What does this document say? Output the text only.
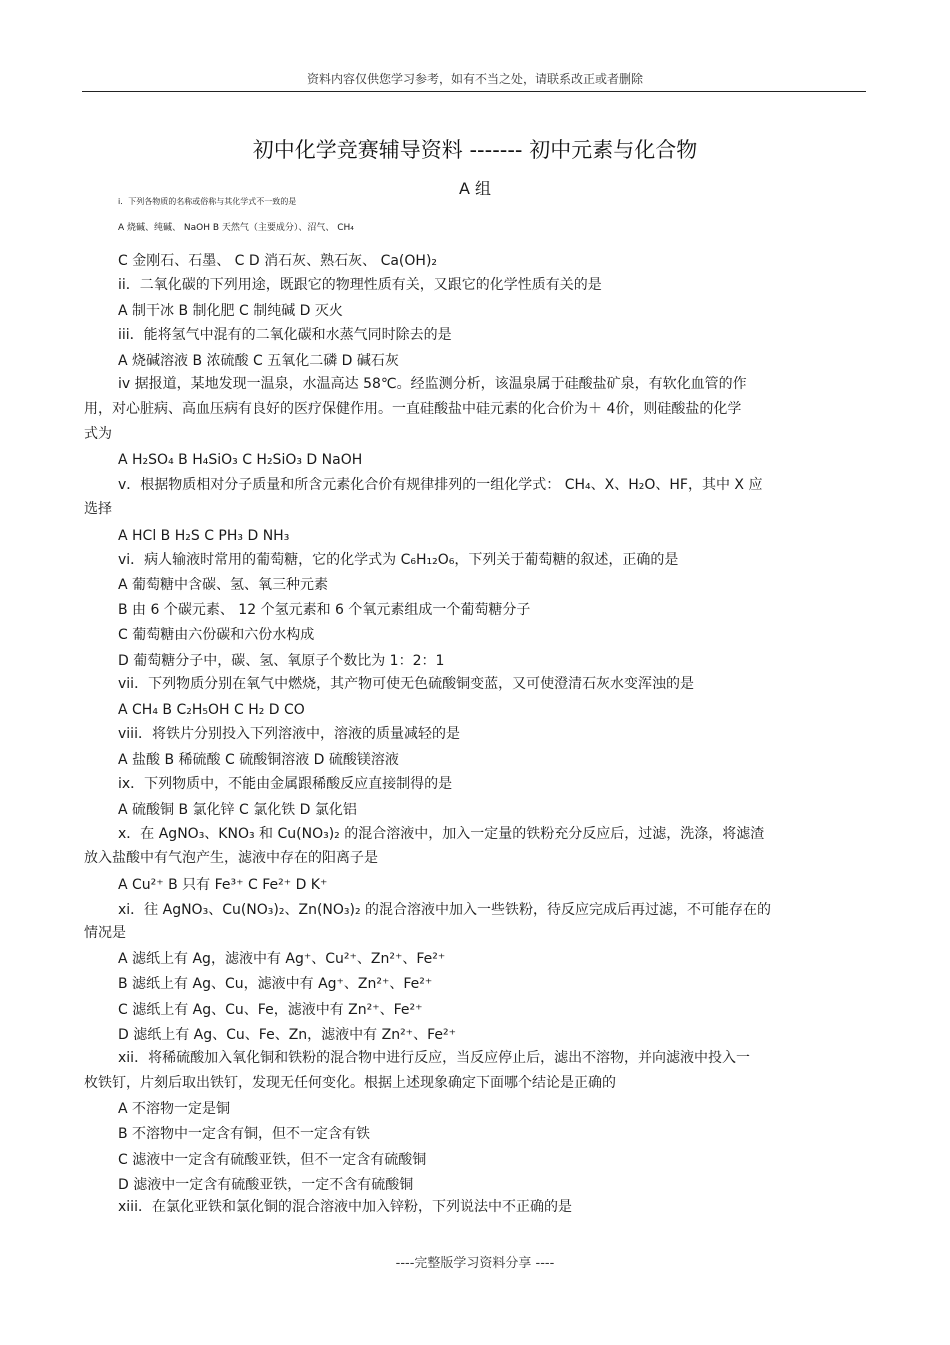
资料内容仅供您学习参考，如有不当之处，请联系改正或者删除
初中化学竞赛辅导资料 ------- 初中元素与化合物
A 组
i．下列各物质的名称或俗称与其化学式不一致的是
A 烧碱、纯碱、 NaOH B 天然气（主要成分）、沼气、 CH₄
C 金刚石、石墨、 C D 消石灰、熟石灰、 Ca(OH)₂
ii．二氧化碳的下列用途，既跟它的物理性质有关，又跟它的化学性质有关的是
A 制干冰 B 制化肥 C 制纯碱 D 灭火
iii．能将氢气中混有的二氧化碳和水蒸气同时除去的是
A 烧碱溶液 B 浓硫酸 C 五氧化二磷 D 碱石灰
iv 据报道，某地发现一温泉，水温高达 58℃。经监测分析，该温泉属于硅酸盐矿泉，有软化血管的作
用，对心脏病、高血压病有良好的医疗保健作用。一直硅酸盐中硅元素的化合价为＋ 4价，则硅酸盐的化学
式为
A H₂SO₄ B H₄SiO₃ C H₂SiO₃ D NaOH
v．根据物质相对分子质量和所含元素化合价有规律排列的一组化学式： CH₄、X、H₂O、HF，其中 X 应
选择
A HCl B H₂S C PH₃ D NH₃
vi．病人输液时常用的葡萄糖，它的化学式为 C₆H₁₂O₆，下列关于葡萄糖的叙述，正确的是
A 葡萄糖中含碳、氢、氧三种元素
B 由 6 个碳元素、 12 个氢元素和 6 个氧元素组成一个葡萄糖分子
C 葡萄糖由六份碳和六份水构成
D 葡萄糖分子中，碳、氢、氧原子个数比为 1：2：1
vii．下列物质分别在氧气中燃烧，其产物可使无色硫酸铜变蓝，又可使澄清石灰水变浑浊的是
A CH₄ B C₂H₅OH C H₂ D CO
viii．将铁片分别投入下列溶液中，溶液的质量减轻的是
A 盐酸 B 稀硫酸 C 硫酸铜溶液 D 硫酸镁溶液
ix．下列物质中，不能由金属跟稀酸反应直接制得的是
A 硫酸铜 B 氯化锌 C 氯化铁 D 氯化铝
x．在 AgNO₃、KNO₃ 和 Cu(NO₃)₂ 的混合溶液中，加入一定量的铁粉充分反应后，过滤，洗涤，将滤渣
放入盐酸中有气泡产生，滤液中存在的阳离子是
A Cu²⁺ B 只有 Fe³⁺ C Fe²⁺ D K⁺
xi．往 AgNO₃、Cu(NO₃)₂、Zn(NO₃)₂ 的混合溶液中加入一些铁粉，待反应完成后再过滤，不可能存在的
情况是
A 滤纸上有 Ag，滤液中有 Ag⁺、Cu²⁺、Zn²⁺、Fe²⁺
B 滤纸上有 Ag、Cu，滤液中有 Ag⁺、Zn²⁺、Fe²⁺
C 滤纸上有 Ag、Cu、Fe，滤液中有 Zn²⁺、Fe²⁺
D 滤纸上有 Ag、Cu、Fe、Zn，滤液中有 Zn²⁺、Fe²⁺
xii．将稀硫酸加入氧化铜和铁粉的混合物中进行反应，当反应停止后，滤出不溶物，并向滤液中投入一
枚铁钉，片刻后取出铁钉，发现无任何变化。根据上述现象确定下面哪个结论是正确的
A 不溶物一定是铜
B 不溶物中一定含有铜，但不一定含有铁
C 滤液中一定含有硫酸亚铁，但不一定含有硫酸铜
D 滤液中一定含有硫酸亚铁，一定不含有硫酸铜
xiii．在氯化亚铁和氯化铜的混合溶液中加入锌粉，下列说法中不正确的是
----完整版学习资料分享 ----
